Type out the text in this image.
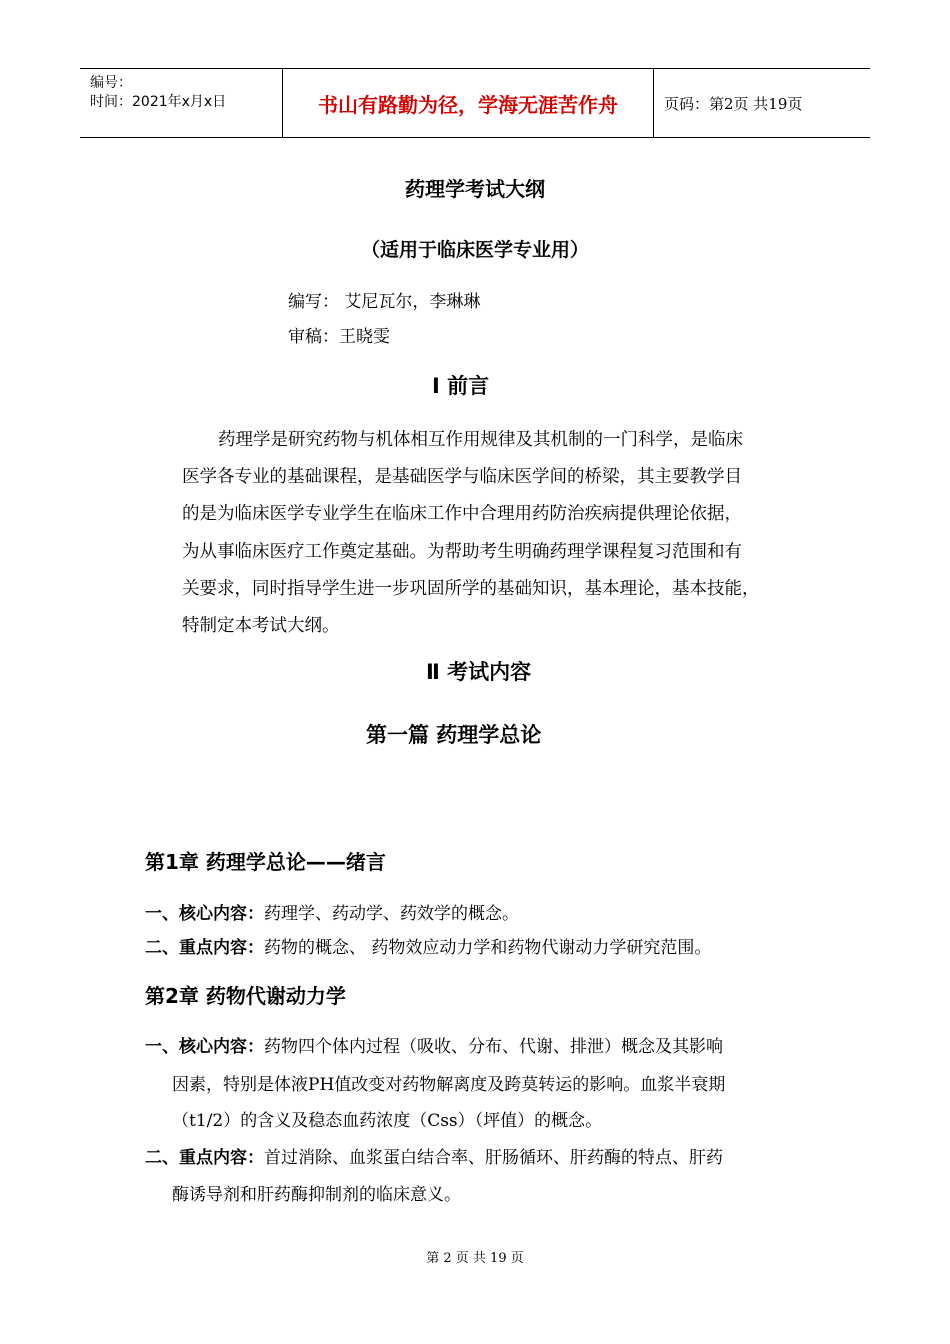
编号：
时间：2021年x月x日	书山有路勤为径，学海无涯苦作舟	页码：第2页 共19页
药理学考试大纲
（适用于临床医学专业用）
编写： 艾尼瓦尔，李琳琳
审稿：王晓雯
Ⅰ 前言
药理学是研究药物与机体相互作用规律及其机制的一门科学，是临床
医学各专业的基础课程，是基础医学与临床医学间的桥梁，其主要教学目
的是为临床医学专业学生在临床工作中合理用药防治疾病提供理论依据，
为从事临床医疗工作奠定基础。为帮助考生明确药理学课程复习范围和有
关要求，同时指导学生进一步巩固所学的基础知识，基本理论，基本技能，
特制定本考试大纲。
Ⅱ 考试内容
第一篇 药理学总论
第1章 药理学总论——绪言
一、核心内容：药理学、药动学、药效学的概念。
二、重点内容：药物的概念、 药物效应动力学和药物代谢动力学研究范围。
第2章 药物代谢动力学
一、核心内容：药物四个体内过程（吸收、分布、代谢、排泄）概念及其影响
因素，特别是体液PH值改变对药物解离度及跨莫转运的影响。血浆半衰期
（t1/2）的含义及稳态血药浓度（Css）（坪值）的概念。
二、重点内容：首过消除、血浆蛋白结合率、肝肠循环、肝药酶的特点、肝药
酶诱导剂和肝药酶抑制剂的临床意义。
第 2 页 共 19 页
